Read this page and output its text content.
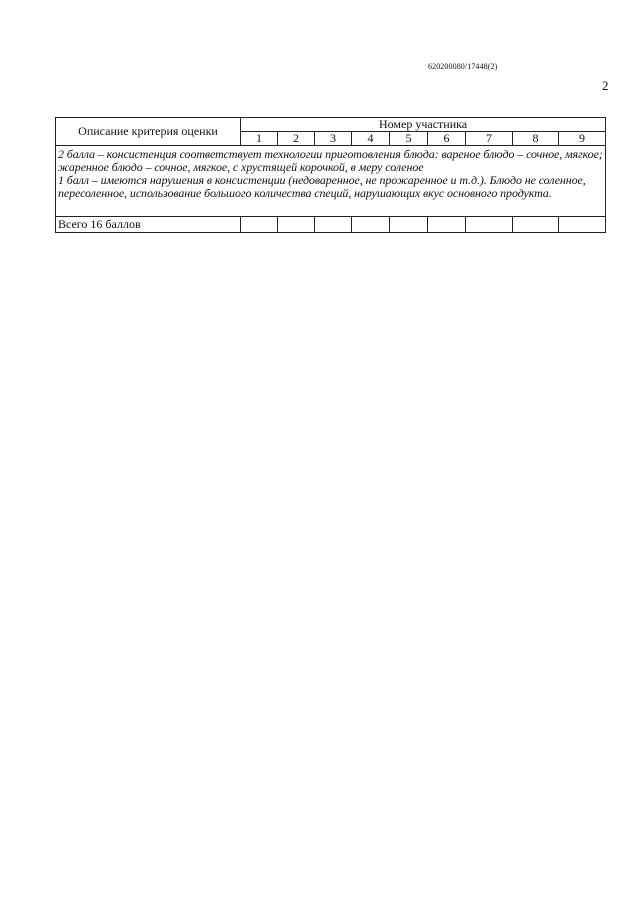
620200080/17448(2)
2
Описание критерия оценки	Номер участника								
	1	2	3	4	5	6	7	8	9

2 балла – консистенция соответствует технологии приготовления блюда: вареное блюдо – сочное, мягкое; жаренное блюдо – сочное, мягкое, с хрустящей корочкой, в меру соленое

1 балл – имеются нарушения в консистенции (недоваренное, не прожаренное и т.д.). Блюдо не соленное, пересоленное, использование большого количества специй, нарушающих вкус основного продукта.									

Всего 16 баллов									
